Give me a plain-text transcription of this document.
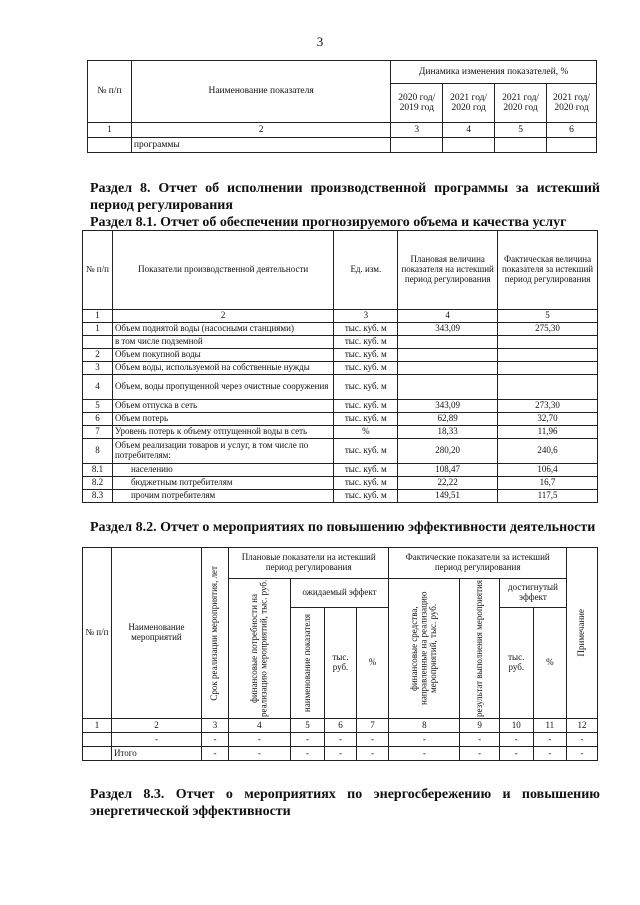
3
№ п/п	Наименование показателя	Динамика изменения показателей, %			
		2020 год/ 2019 год	2021 год/ 2020 год	2021 год/ 2020 год	2021 год/ 2020 год
1	2	3	4	5	6
	программы				
Раздел 8. Отчет об исполнении производственной программы за истекший период регулирования
Раздел 8.1. Отчет об обеспечении прогнозируемого объема и качества услуг
№ п/п	Показатели производственной деятельности	Ед. изм.	Плановая величина показателя на истекший период регулирования	Фактическая величина показателя за истекший период регулирования
1	2	3	4	5
1	Объем поднятой воды (насосными станциями)	тыс. куб. м	343,09	275,30
	в том числе подземной	тыс. куб. м		
2	Объем покупной воды	тыс. куб. м		
3	Объем воды, используемой на собственные нужды	тыс. куб. м		
4	Объем, воды пропущенной через очистные сооружения	тыс. куб. м		
5	Объем отпуска в сеть	тыс. куб. м	343,09	273,30
6	Объем потерь	тыс. куб. м	62,89	32,70
7	Уровень потерь к объему отпущенной воды в сеть	%	18,33	11,96
8	Объем реализации товаров и услуг, в том числе по потребителям:	тыс. куб. м	280,20	240,6
8.1	населению	тыс. куб. м	108,47	106,4
8.2	бюджетным потребителям	тыс. куб. м	22,22	16,7
8.3	прочим потребителям	тыс. куб. м	149,51	117,5
Раздел 8.2. Отчет о мероприятиях по повышению эффективности деятельности
№ п/п	Наименование мероприятий	Срок реализации мероприятия, лет	Плановые показатели на истекший период регулирования				Фактические показатели за истекший период регулирования				Примечание

			финансовые потребности на реализацию мероприятий, тыс. руб.	ожидаемый эффект			финансовые средства, направленные на реализацию мероприятий, тыс. руб.	результат выполнения мероприятия	достигнутый эффект		

				наименование показателя	тыс. руб.	%			тыс. руб.	%	
1	2	3	4	5	6	7	8	9	10	11	12
	-	-	-	-	-	-	-	-	-	-	-
	Итого	-	-	-	-	-	-	-	-	-	-
Раздел 8.3. Отчет о мероприятиях по энергосбережению и повышению энергетической эффективности
